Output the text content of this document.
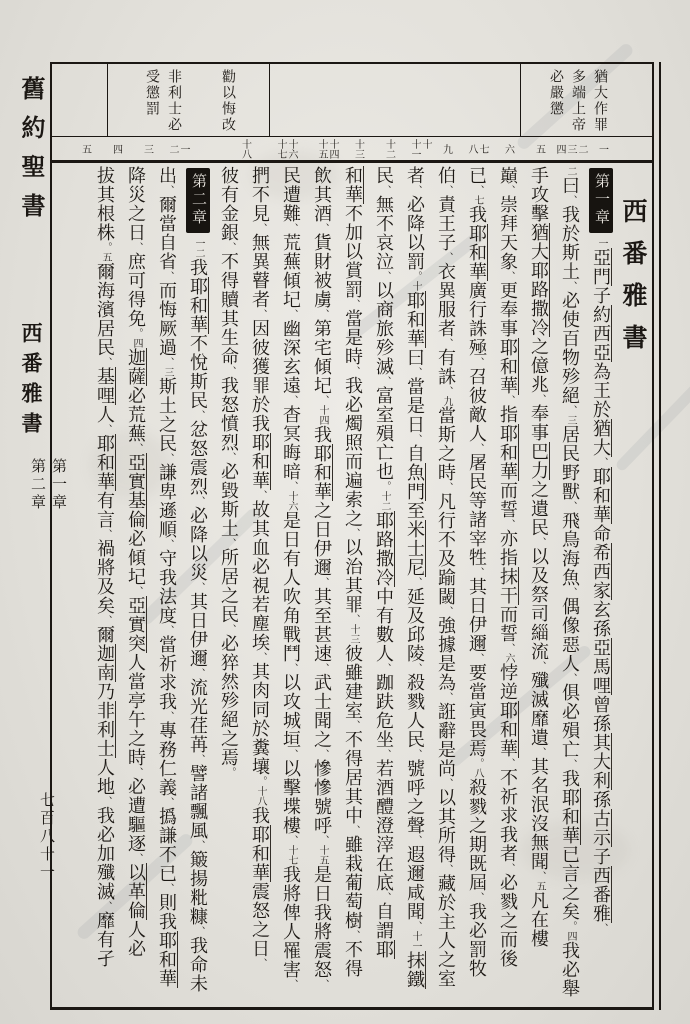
舊約聖書
西番雅書
第一章
第二章
七百八十一
猶大作罪
多端上帝
必嚴懲
勸以悔改
非利士必
受懲罰
一
二
三
四
五
六
七
八
九
十
十一
十二
十三
十四
十五
十六
十七
十八
一
二
三
四
五
西番雅書
第一章一亞門子約西亞為王於猶大、耶和華命希西家玄孫亞馬哩曾孫其大利孫古示子西番雅、
二曰、我於斯土、必使百物殄絕、三居民野獸、飛鳥海魚、偶像惡人、俱必殞亡、我耶和華已言之矣。四我必舉
手攻擊猶大耶路撒冷之億兆、奉事巴力之遺民、以及祭司緇流、殲滅靡遺、其名泯沒無聞、五凡在樓
巔、崇拜天象、更奉事耶和華、指耶和華而誓、亦指抹干而誓、六悖逆耶和華、不祈求我者、必戮之而後
已、七我耶和華廣行誅殛、召彼敵人、屠民等諸宰牲、其日伊邇、要當寅畏焉。八殺戮之期既屆、我必罰牧
伯、責王子、衣異服者、有誅、九當斯之時、凡行不及踰閾、強據是為、誑辭是尚、以其所得、藏於主人之室
者、必降以罰。十耶和華曰、當是日、自魚門至米士尼、延及邱陵、殺戮人民、號呼之聲、遐邇咸聞、十一抹鐵
民、無不哀泣、以商旅殄滅、富室殞亡也。十二耶路撒冷中有數人、跏趺危坐、若酒醴澄滓在底、自謂耶
和華不加以賞罰、當是時、我必燭照而遍索之、以治其罪、十三彼雖建室、不得居其中、雖栽葡萄樹、不得
飲其酒、貨財被虜、第宅傾圮、十四我耶和華之日伊邇、其至甚速、武士聞之、慘慘號呼、十五是日我將震怒、
民遭難、荒蕪傾圮、幽深玄遠、杳冥晦暗、十六是日有人吹角戰鬥、以攻城垣、以擊堞樓、十七我將俾人罹害、
捫不見、無異瞽者、因彼獲罪於我耶和華、故其血必視若塵埃、其肉同於糞壤。十八我耶和華震怒之日、
彼有金銀、不得贖其生命、我怒憤烈、必毀斯土、所居之民、必猝然殄絕之焉。
第二章一二我耶和華不悅斯民、忿怒震烈、必降以災、其日伊邇、流光荏苒、譬諸飄風、簸揚粃糠、我命未
出、爾當自省、而悔厥過、三斯土之民、謙卑遜順、守我法度、當祈求我、專務仁義、撝謙不已、則我耶和華
降災之日、庶可得免。四迦薩必荒蕪、亞實基倫必傾圮、亞實突人當亭午之時、必遭驅逐、以革倫人必
拔其根株。五爾海濱居民、基哩人、耶和華有言、禍將及矣、爾迦南乃非利士人地、我必加殲滅、靡有孑
